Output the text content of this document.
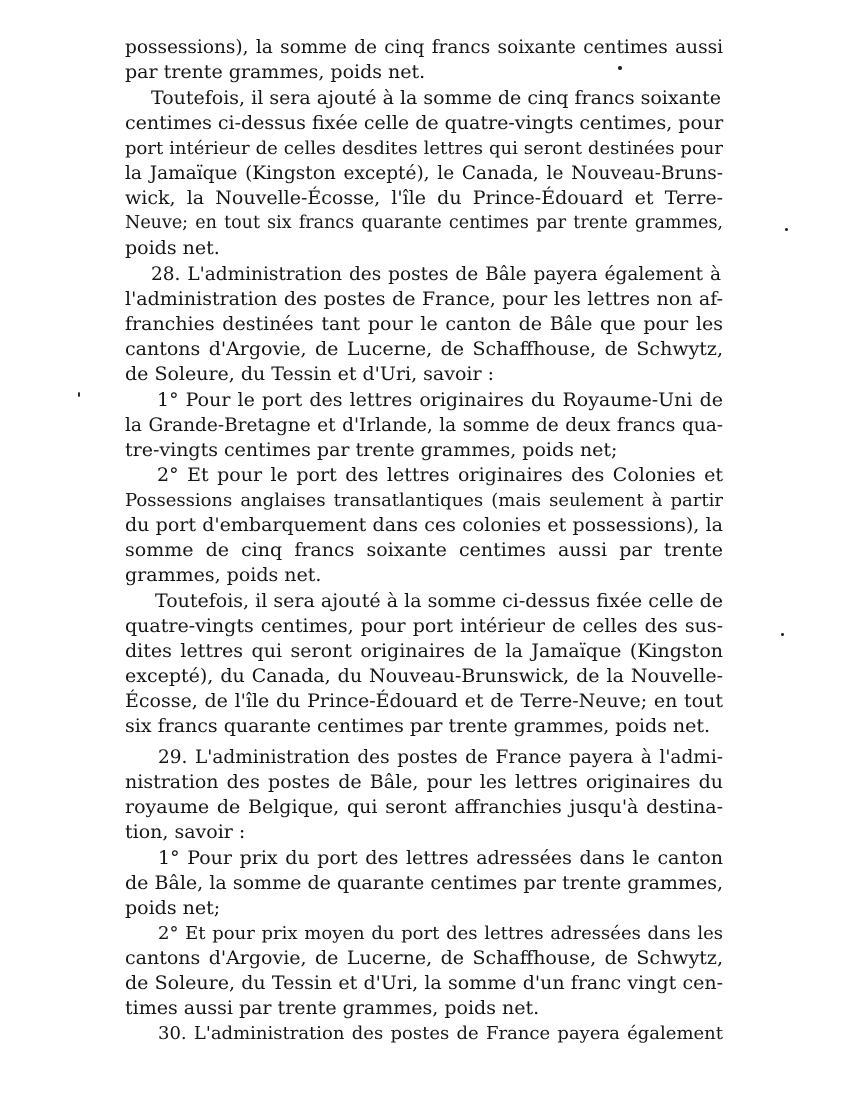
possessions), la somme de cinq francs soixante centimes aussi

par trente grammes, poids net.

Toutefois, il sera ajouté à la somme de cinq francs soixante

centimes ci-dessus fixée celle de quatre-vingts centimes, pour

port intérieur de celles desdites lettres qui seront destinées pour

la Jamaïque (Kingston excepté), le Canada, le Nouveau-Bruns-

wick, la Nouvelle-Écosse, l'île du Prince-Édouard et Terre-

Neuve; en tout six francs quarante centimes par trente grammes,

poids net.

28. L'administration des postes de Bâle payera également à

l'administration des postes de France, pour les lettres non af-

franchies destinées tant pour le canton de Bâle que pour les

cantons d'Argovie, de Lucerne, de Schaffhouse, de Schwytz,

de Soleure, du Tessin et d'Uri, savoir :

1° Pour le port des lettres originaires du Royaume-Uni de

la Grande-Bretagne et d'Irlande, la somme de deux francs qua-

tre-vingts centimes par trente grammes, poids net;

2° Et pour le port des lettres originaires des Colonies et

Possessions anglaises transatlantiques (mais seulement à partir

du port d'embarquement dans ces colonies et possessions), la

somme de cinq francs soixante centimes aussi par trente

grammes, poids net.

Toutefois, il sera ajouté à la somme ci-dessus fixée celle de

quatre-vingts centimes, pour port intérieur de celles des sus-

dites lettres qui seront originaires de la Jamaïque (Kingston

excepté), du Canada, du Nouveau-Brunswick, de la Nouvelle-

Écosse, de l'île du Prince-Édouard et de Terre-Neuve; en tout

six francs quarante centimes par trente grammes, poids net.

29. L'administration des postes de France payera à l'admi-

nistration des postes de Bâle, pour les lettres originaires du

royaume de Belgique, qui seront affranchies jusqu'à destina-

tion, savoir :

1° Pour prix du port des lettres adressées dans le canton

de Bâle, la somme de quarante centimes par trente grammes,

poids net;

2° Et pour prix moyen du port des lettres adressées dans les

cantons d'Argovie, de Lucerne, de Schaffhouse, de Schwytz,

de Soleure, du Tessin et d'Uri, la somme d'un franc vingt cen-

times aussi par trente grammes, poids net.

30. L'administration des postes de France payera également
